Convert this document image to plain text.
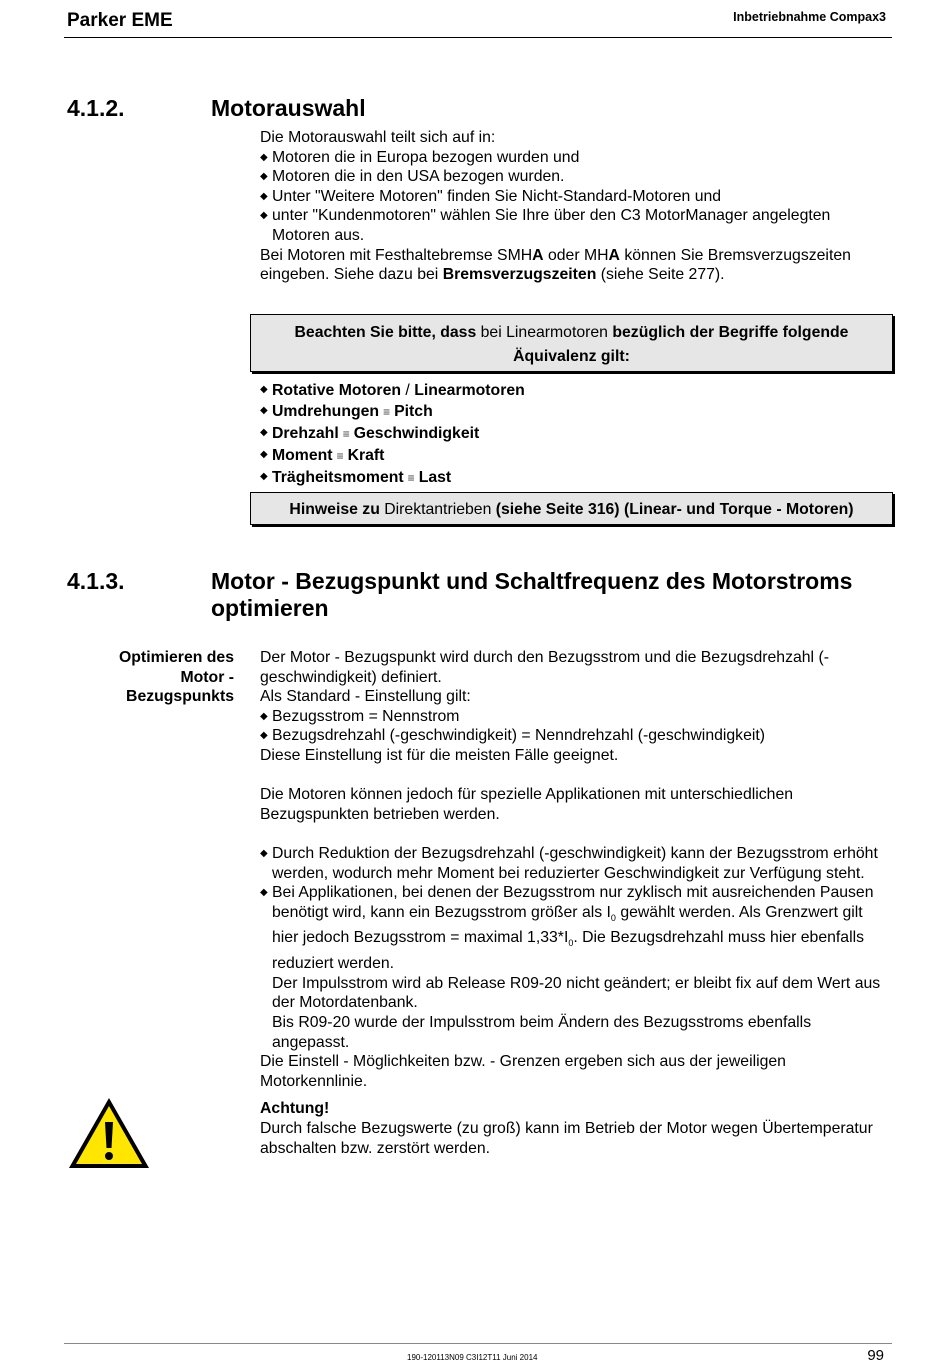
Parker EME	Inbetriebnahme Compax3
4.1.2.	Motorauswahl

Die Motorauswahl teilt sich auf in:

◆ Motoren die in Europa bezogen wurden und
◆ Motoren die in den USA bezogen wurden.
◆ Unter "Weitere Motoren" finden Sie Nicht-Standard-Motoren und
◆ unter "Kundenmotoren" wählen Sie Ihre über den C3 MotorManager angelegten Motoren aus.

Bei Motoren mit Festhaltebremse SMHA oder MHA können Sie Bremsverzugszeiten eingeben. Siehe dazu bei Bremsverzugszeiten (siehe Seite 277).

Beachten Sie bitte, dass bei Linearmotoren bezüglich der Begriffe folgende Äquivalenz gilt:
◆ Rotative Motoren / Linearmotoren
◆ Umdrehungen ≡ Pitch
◆ Drehzahl ≡ Geschwindigkeit
◆ Moment ≡ Kraft
◆ Trägheitsmoment ≡ Last
Hinweise zu Direktantrieben (siehe Seite 316) (Linear- und Torque - Motoren)
4.1.3.	Motor - Bezugspunkt und Schaltfrequenz des Motorstroms
optimieren
Optimieren des
Motor -
Bezugspunkts

Der Motor - Bezugspunkt wird durch den Bezugsstrom und die Bezugsdrehzahl (-geschwindigkeit) definiert.

Als Standard - Einstellung gilt:

◆ Bezugsstrom = Nennstrom
◆ Bezugsdrehzahl (-geschwindigkeit) = Nenndrehzahl (-geschwindigkeit)

Diese Einstellung ist für die meisten Fälle geeignet.

Die Motoren können jedoch für spezielle Applikationen mit unterschiedlichen Bezugspunkten betrieben werden.

◆ Durch Reduktion der Bezugsdrehzahl (-geschwindigkeit) kann der Bezugsstrom erhöht werden, wodurch mehr Moment bei reduzierter Geschwindigkeit zur Verfügung steht.
◆ Bei Applikationen, bei denen der Bezugsstrom nur zyklisch mit ausreichenden Pausen benötigt wird, kann ein Bezugsstrom größer als $I_0$ gewählt werden. Als Grenzwert gilt hier jedoch Bezugsstrom = maximal $1,33*I_0$. Die Bezugsdrehzahl muss hier ebenfalls reduziert werden.
Der Impulsstrom wird ab Release R09-20 nicht geändert; er bleibt fix auf dem Wert aus der Motordatenbank.
Bis R09-20 wurde der Impulsstrom beim Ändern des Bezugsstroms ebenfalls angepasst.

Die Einstell - Möglichkeiten bzw. - Grenzen ergeben sich aus der jeweiligen Motorkennlinie.

Achtung!

Durch falsche Bezugswerte (zu groß) kann im Betrieb der Motor wegen Übertemperatur abschalten bzw. zerstört werden.

190-120113N09 C3I12T11 Juni 2014	99
